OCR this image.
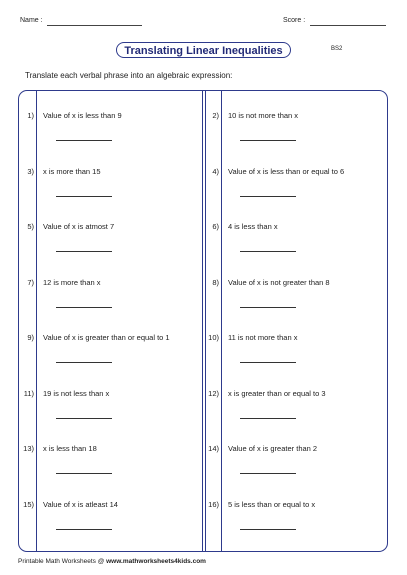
Name :	Score :
Translating Linear Inequalities	BS2
Translate each verbal phrase into an algebraic expression:
1) Value of x is less than 9
3) x is more than 15
5) Value of x is atmost 7
7) 12 is more than x
9) Value of x is greater than or equal to 1
11) 19 is not less than x
13) x is less than 18
15) Value of x is atleast 14
2) 10 is not more than x
4) Value of x is less than or equal to 6
6) 4 is less than x
8) Value of x is not greater than 8
10) 11 is not more than x
12) x is greater than or equal to 3
14) Value of x is greater than 2
16) 5 is less than or equal to x
Printable Math Worksheets @ www.mathworksheets4kids.com
